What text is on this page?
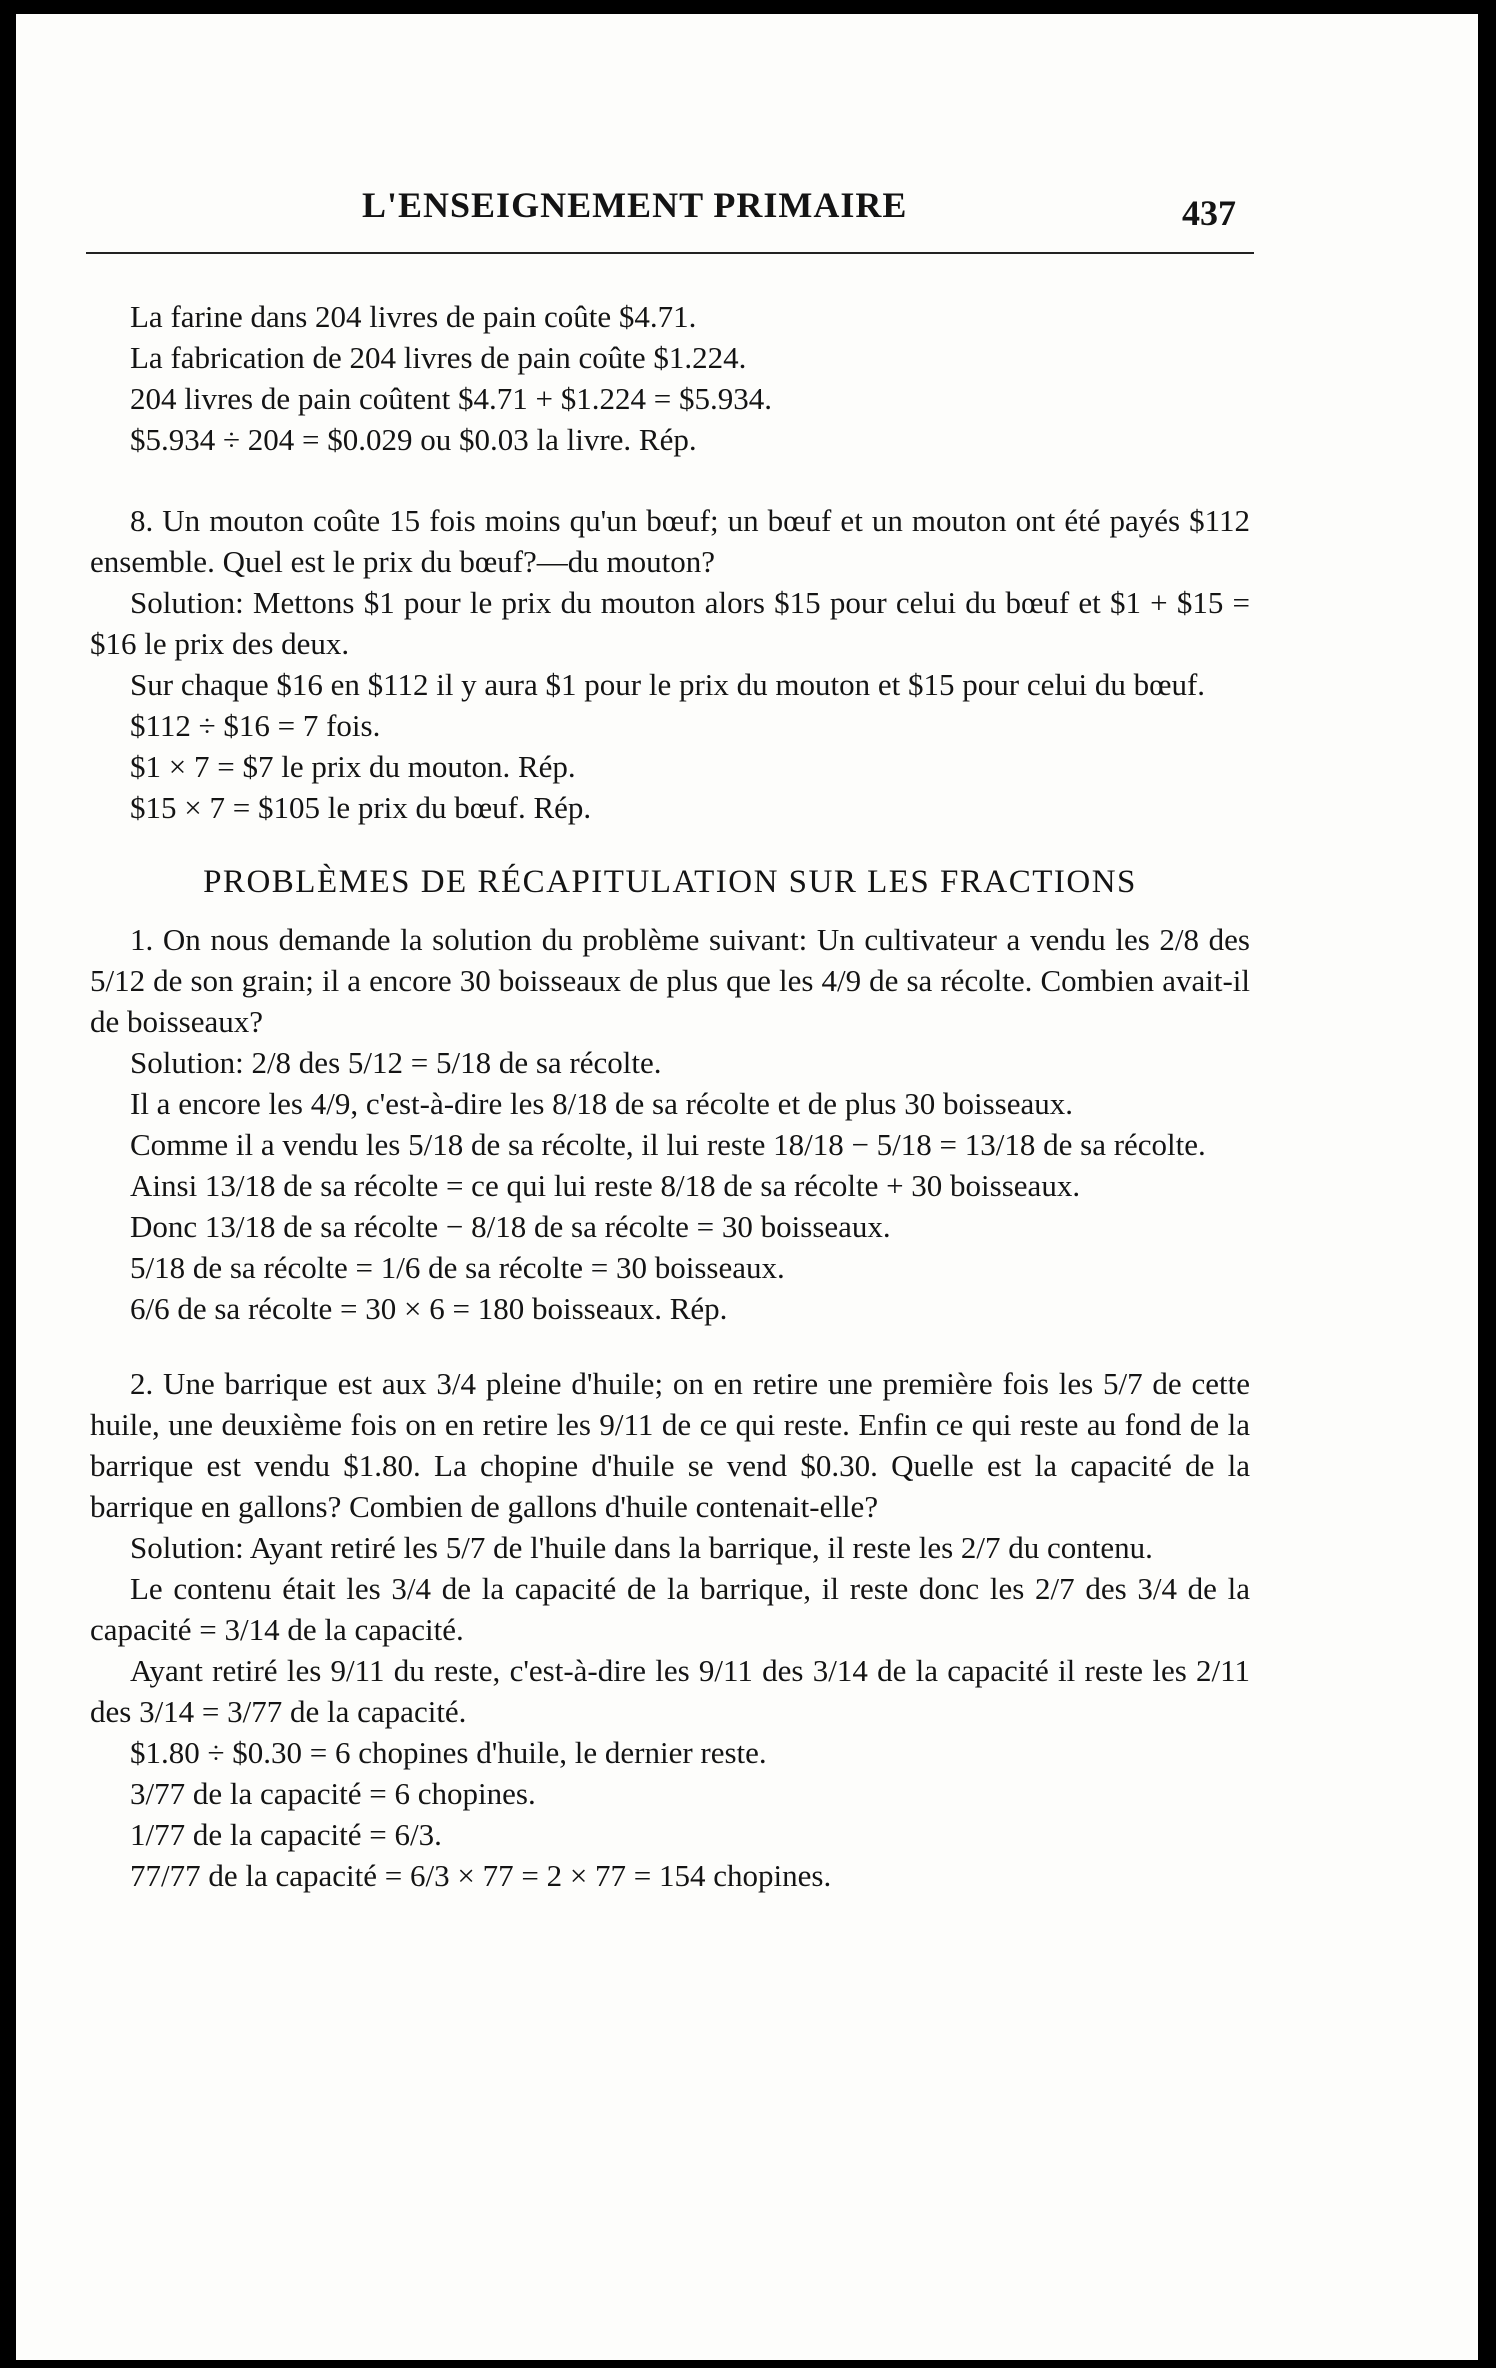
L'ENSEIGNEMENT PRIMAIRE	437

La farine dans 204 livres de pain coûte $4.71.

La fabrication de 204 livres de pain coûte $1.224.

204 livres de pain coûtent $4.71 + $1.224 = $5.934.

$5.934 ÷ 204 = $0.029 ou $0.03 la livre. Rép.

8. Un mouton coûte 15 fois moins qu'un bœuf; un bœuf et un mouton ont été payés $112 ensemble. Quel est le prix du bœuf?—du mouton?

Solution: Mettons $1 pour le prix du mouton alors $15 pour celui du bœuf et $1 + $15 = $16 le prix des deux.

Sur chaque $16 en $112 il y aura $1 pour le prix du mouton et $15 pour celui du bœuf.

$112 ÷ $16 = 7 fois.

$1 × 7 = $7 le prix du mouton. Rép.

$15 × 7 = $105 le prix du bœuf. Rép.

PROBLÈMES DE RÉCAPITULATION SUR LES FRACTIONS

1. On nous demande la solution du problème suivant: Un cultivateur a vendu les 2/8 des 5/12 de son grain; il a encore 30 boisseaux de plus que les 4/9 de sa récolte. Combien avait-il de boisseaux?

Solution: 2/8 des 5/12 = 5/18 de sa récolte.

Il a encore les 4/9, c'est-à-dire les 8/18 de sa récolte et de plus 30 boisseaux.

Comme il a vendu les 5/18 de sa récolte, il lui reste 18/18 − 5/18 = 13/18 de sa récolte.

Ainsi 13/18 de sa récolte = ce qui lui reste 8/18 de sa récolte + 30 boisseaux.

Donc 13/18 de sa récolte − 8/18 de sa récolte = 30 boisseaux.

5/18 de sa récolte = 1/6 de sa récolte = 30 boisseaux.

6/6 de sa récolte = 30 × 6 = 180 boisseaux. Rép.

2. Une barrique est aux 3/4 pleine d'huile; on en retire une première fois les 5/7 de cette huile, une deuxième fois on en retire les 9/11 de ce qui reste. Enfin ce qui reste au fond de la barrique est vendu $1.80. La chopine d'huile se vend $0.30. Quelle est la capacité de la barrique en gallons? Combien de gallons d'huile contenait-elle?

Solution: Ayant retiré les 5/7 de l'huile dans la barrique, il reste les 2/7 du contenu.

Le contenu était les 3/4 de la capacité de la barrique, il reste donc les 2/7 des 3/4 de la capacité = 3/14 de la capacité.

Ayant retiré les 9/11 du reste, c'est-à-dire les 9/11 des 3/14 de la capacité il reste les 2/11 des 3/14 = 3/77 de la capacité.

$1.80 ÷ $0.30 = 6 chopines d'huile, le dernier reste.

3/77 de la capacité = 6 chopines.

1/77 de la capacité = 6/3.

77/77 de la capacité = 6/3 × 77 = 2 × 77 = 154 chopines.
